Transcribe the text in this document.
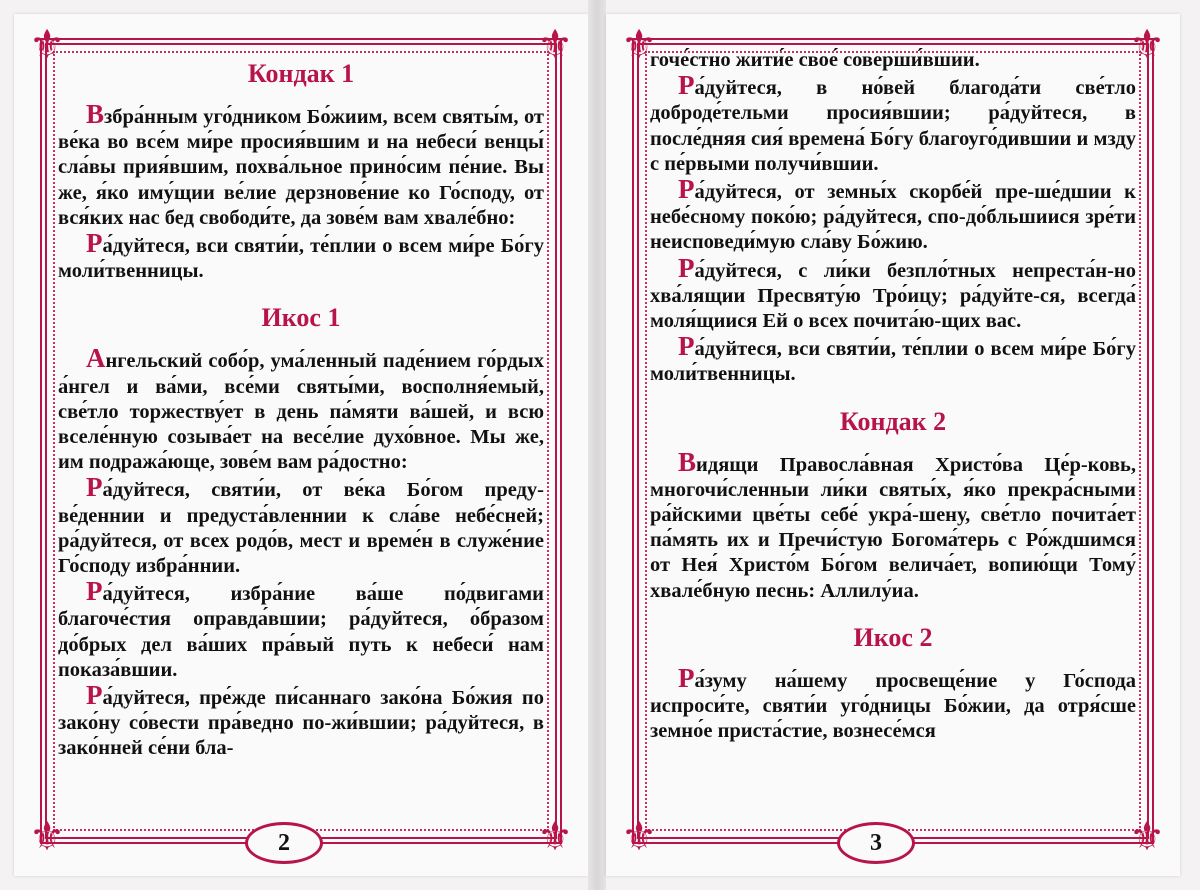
⚜	⚜
⚜	⚜
Кондак 1

Взбра́нным уго́дником Бо́жиим, всем святы́м, от ве́ка во все́м ми́ре просия́вшим и на небеси́ венцы́ сла́вы прия́вшим, похва́льное прино́сим пе́ние. Вы же, я́ко иму́щии ве́лие дерзнове́ние ко Го́споду, от вся́ких нас бед свободи́те, да зове́м вам хвале́бно:

Ра́дуйтеся, вси святи́и, те́плии о всем ми́ре Бо́гу моли́твенницы.

Икос 1

Ангельский собо́р, ума́ленный паде́нием го́рдых а́нгел и ва́ми, все́ми святы́ми, восполня́емый, све́тло торжеству́ет в день па́мяти ва́шей, и всю вселе́нную созыва́ет на весе́лие духо́вное. Мы же, им подража́юще, зове́м вам ра́достно:

Ра́дуйтеся, святи́и, от ве́ка Бо́гом преду-ве́деннии и предуста́вленнии к сла́ве небе́сней; ра́дуйтеся, от всех родо́в, мест и време́н в служе́ние Го́споду избра́ннии.

Ра́дуйтеся, избра́ние ва́ше по́двигами благоче́стия оправда́вшии; ра́дуйтеся, о́бразом до́брых дел ва́ших пра́вый путь к небеси́ нам показа́вшии.

Ра́дуйтеся, пре́жде пи́саннаго зако́на Бо́жия по зако́ну со́вести пра́ведно по-жи́вшии; ра́дуйтеся, в зако́нней се́ни бла-

2
⚜	⚜
⚜	⚜

гоче́стно жити́е свое́ соверши́вшии.

Ра́дуйтеся, в но́вей благода́ти све́тло доброде́тельми просия́вшии; ра́дуйтеся, в после́дняя сия́ времена́ Бо́гу благоуго́дившии и мзду с пе́рвыми получи́вшии.

Ра́дуйтеся, от земны́х скорбе́й пре-ше́дшии к небе́сному поко́ю; ра́дуйтеся, спо-до́бльшиися зре́ти неисповеди́мую сла́ву Бо́жию.

Ра́дуйтеся, с ли́ки безпло́тных непреста́н-но хва́лящии Пресвяту́ю Тро́ицу; ра́дуйте-ся, всегда́ моля́щиися Ей о всех почита́ю-щих вас.

Ра́дуйтеся, вси святи́и, те́плии о всем ми́ре Бо́гу моли́твенницы.

Кондак 2

Видящи Правосла́вная Христо́ва Це́р-ковь, многочи́сленныи ли́ки святы́х, я́ко прекра́сными ра́йскими цве́ты себе́ укра́-шену, све́тло почита́ет па́мять их и Пречи́стую Богома́терь с Ро́ждшимся от Нея́ Христо́м Бо́гом велича́ет, вопию́щи Тому́ хвале́бную песнь: Аллилу́иа.

Икос 2

Ра́зуму на́шему просвеще́ние у Го́спода испроси́те, святи́и уго́дницы Бо́жии, да отря́сше земно́е приста́стие, вознесе́мся

3
